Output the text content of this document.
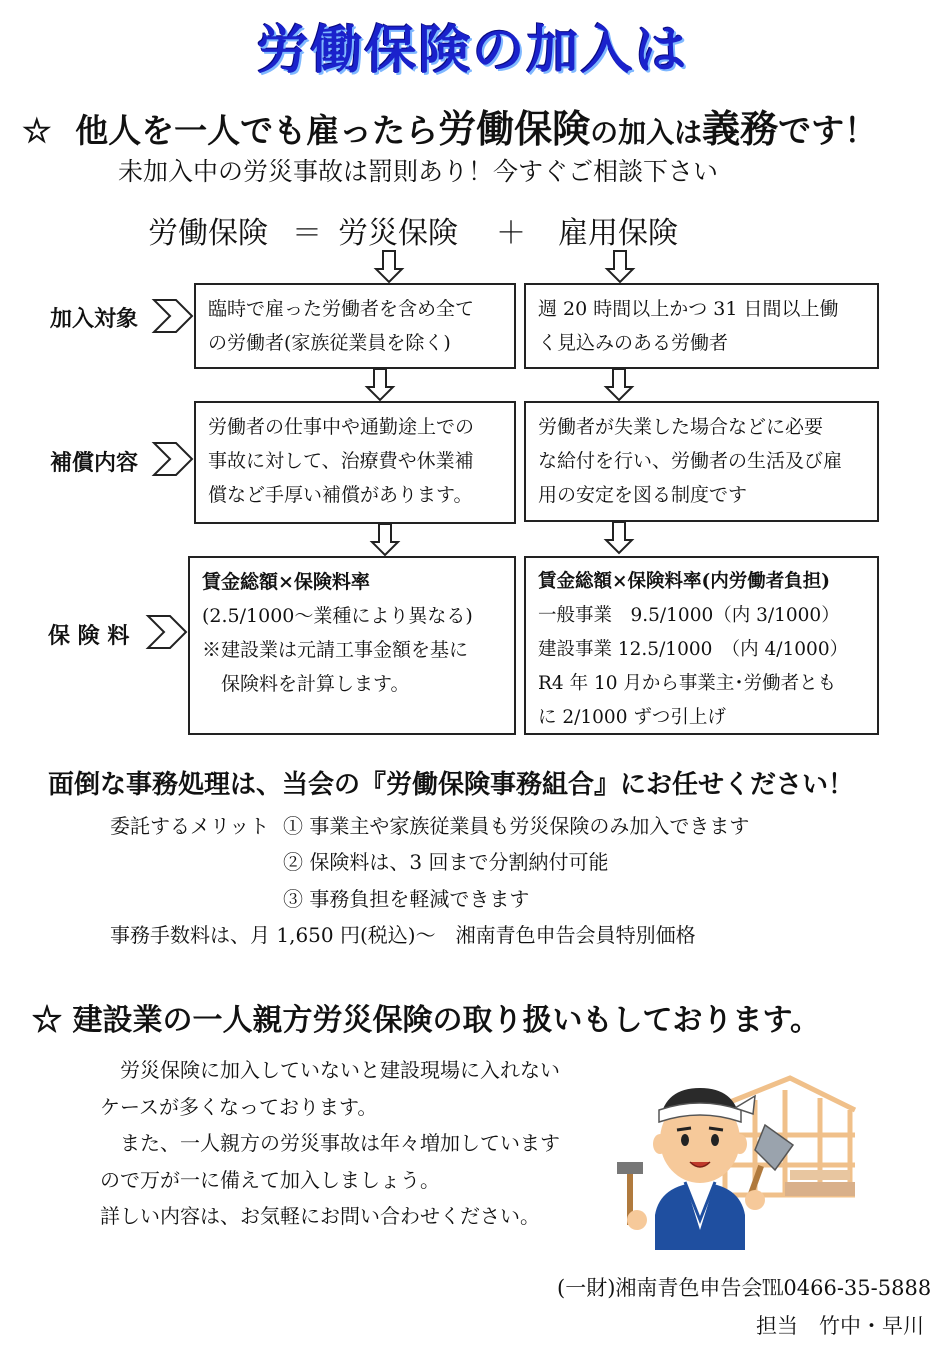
労働保険の加入は
☆ 他人を一人でも雇ったら労働保険の加入は義務です！
未加入中の労災事故は罰則あり！今すぐご相談下さい
労働保険 ＝ 労災保険 ＋ 雇用保険
加入対象
補償内容
保 険 料
臨時で雇った労働者を含め全て
の労働者(家族従業員を除く)
週 20 時間以上かつ 31 日間以上働
く見込みのある労働者
労働者の仕事中や通勤途上での
事故に対して、治療費や休業補
償など手厚い補償があります。
労働者が失業した場合などに必要
な給付を行い、労働者の生活及び雇
用の安定を図る制度です
賃金総額×保険料率
(2.5/1000～業種により異なる)
※建設業は元請工事金額を基に
　保険料を計算します。
賃金総額×保険料率(内労働者負担)
一般事業　9.5/1000（内 3/1000）
建設事業 12.5/1000　（内 4/1000）
R4 年 10 月から事業主･労働者とも
に 2/1000 ずつ引上げ
面倒な事務処理は、当会の『労働保険事務組合』にお任せください！
委託するメリット ① 事業主や家族従業員も労災保険のみ加入できます
② 保険料は、3 回まで分割納付可能
③ 事務負担を軽減できます
事務手数料は、月 1,650 円(税込)～　湘南青色申告会員特別価格
☆ 建設業の一人親方労災保険の取り扱いもしております。
　労災保険に加入していないと建設現場に入れない
ケースが多くなっております。
　また、一人親方の労災事故は年々増加しています
ので万が一に備えて加入しましょう。
詳しい内容は、お気軽にお問い合わせください。
(一財)湘南青色申告会℡0466-35-5888
担当　竹中・早川
